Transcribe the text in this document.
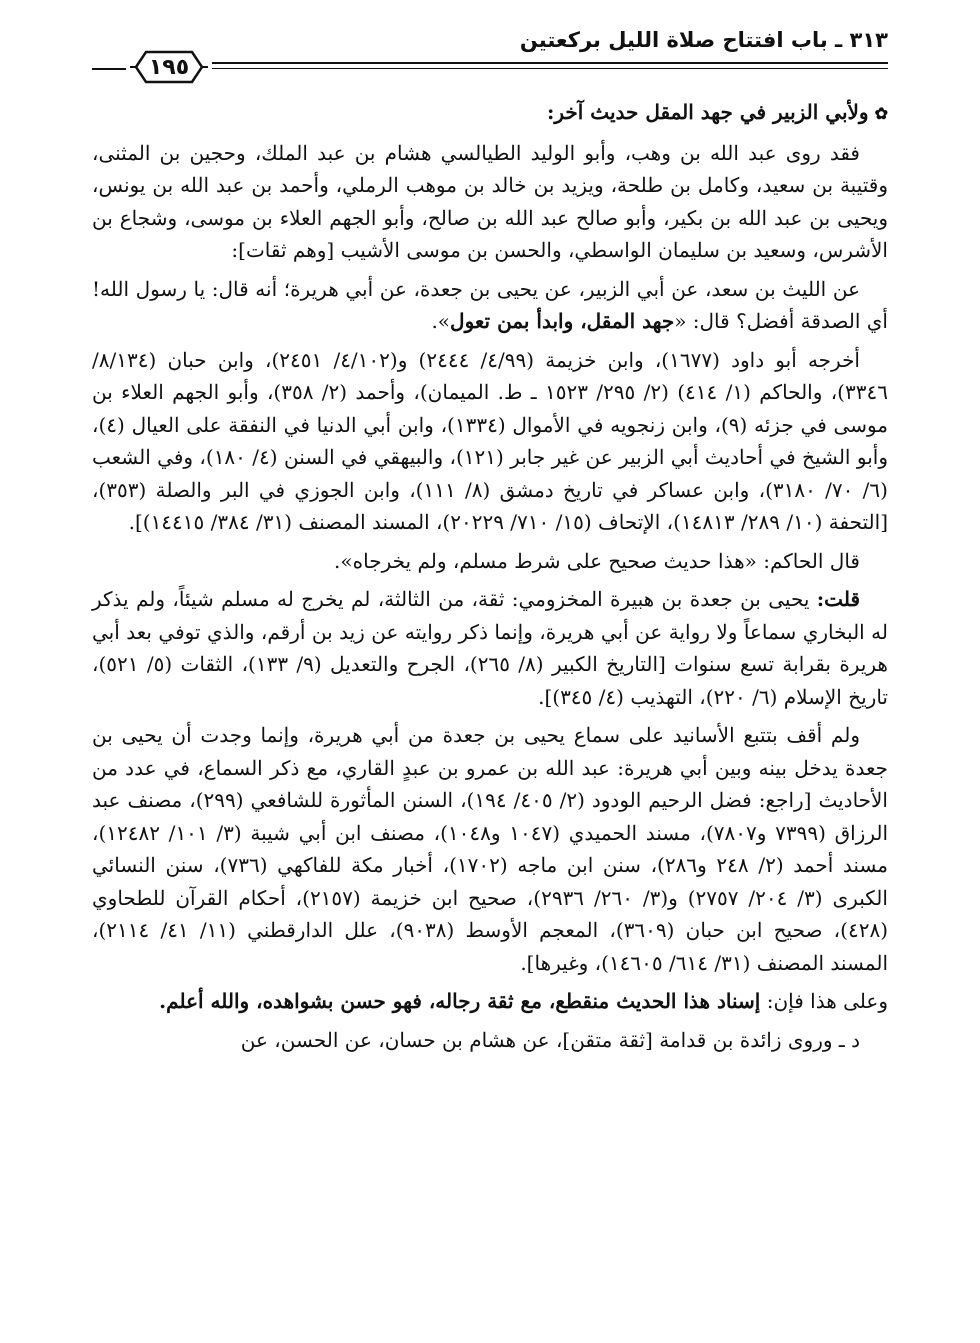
٣١٣ ـ باب افتتاح صلاة الليل بركعتين
١٩٥

✿ولأبي الزبير في جهد المقل حديث آخر:

فقد روى عبد الله بن وهب، وأبو الوليد الطيالسي هشام بن عبد الملك، وحجين بن المثنى، وقتيبة بن سعيد، وكامل بن طلحة، ويزيد بن خالد بن موهب الرملي، وأحمد بن عبد الله بن يونس، ويحيى بن عبد الله بن بكير، وأبو صالح عبد الله بن صالح، وأبو الجهم العلاء بن موسى، وشجاع بن الأشرس، وسعيد بن سليمان الواسطي، والحسن بن موسى الأشيب [وهم ثقات]:

عن الليث بن سعد، عن أبي الزبير، عن يحيى بن جعدة، عن أبي هريرة؛ أنه قال: يا رسول الله! أي الصدقة أفضل؟ قال: «جهد المقل، وابدأ بمن تعول».

أخرجه أبو داود (١٦٧٧)، وابن خزيمة (٤/٩٩/ ٢٤٤٤) و(٤/١٠٢/ ٢٤٥١)، وابن حبان (٨/١٣٤/ ٣٣٤٦)، والحاكم (١/ ٤١٤) (٢/ ٢٩٥/ ١٥٢٣ ـ ط. الميمان)، وأحمد (٢/ ٣٥٨)، وأبو الجهم العلاء بن موسى في جزئه (٩)، وابن زنجويه في الأموال (١٣٣٤)، وابن أبي الدنيا في النفقة على العيال (٤)، وأبو الشيخ في أحاديث أبي الزبير عن غير جابر (١٢١)، والبيهقي في السنن (٤/ ١٨٠)، وفي الشعب (٦/ ٧٠/ ٣١٨٠)، وابن عساكر في تاريخ دمشق (٨/ ١١١)، وابن الجوزي في البر والصلة (٣٥٣)، [التحفة (١٠/ ٢٨٩/ ١٤٨١٣)، الإتحاف (١٥/ ٧١٠/ ٢٠٢٢٩)، المسند المصنف (٣١/ ٣٨٤/ ١٤٤١٥)].

قال الحاكم: «هذا حديث صحيح على شرط مسلم، ولم يخرجاه».

قلت: يحيى بن جعدة بن هبيرة المخزومي: ثقة، من الثالثة، لم يخرج له مسلم شيئاً، ولم يذكر له البخاري سماعاً ولا رواية عن أبي هريرة، وإنما ذكر روايته عن زيد بن أرقم، والذي توفي بعد أبي هريرة بقرابة تسع سنوات [التاريخ الكبير (٨/ ٢٦٥)، الجرح والتعديل (٩/ ١٣٣)، الثقات (٥/ ٥٢١)، تاريخ الإسلام (٦/ ٢٢٠)، التهذيب (٤/ ٣٤٥)].

ولم أقف بتتبع الأسانيد على سماع يحيى بن جعدة من أبي هريرة، وإنما وجدت أن يحيى بن جعدة يدخل بينه وبين أبي هريرة: عبد الله بن عمرو بن عبدٍ القاري، مع ذكر السماع، في عدد من الأحاديث [راجع: فضل الرحيم الودود (٢/ ٤٠٥/ ١٩٤)، السنن المأثورة للشافعي (٢٩٩)، مصنف عبد الرزاق (٧٣٩٩ و٧٨٠٧)، مسند الحميدي (١٠٤٧ و١٠٤٨)، مصنف ابن أبي شيبة (٣/ ١٠١/ ١٢٤٨٢)، مسند أحمد (٢/ ٢٤٨ و٢٨٦)، سنن ابن ماجه (١٧٠٢)، أخبار مكة للفاكهي (٧٣٦)، سنن النسائي الكبرى (٣/ ٢٠٤/ ٢٧٥٧) و(٣/ ٢٦٠/ ٢٩٣٦)، صحيح ابن خزيمة (٢١٥٧)، أحكام القرآن للطحاوي (٤٢٨)، صحيح ابن حبان (٣٦٠٩)، المعجم الأوسط (٩٠٣٨)، علل الدارقطني (١١/ ٤١/ ٢١١٤)، المسند المصنف (٣١/ ٦١٤/ ١٤٦٠٥)، وغيرها].

وعلى هذا فإن: إسناد هذا الحديث منقطع، مع ثقة رجاله، فهو حسن بشواهده، والله أعلم.

د ـ وروى زائدة بن قدامة [ثقة متقن]، عن هشام بن حسان، عن الحسن، عن
